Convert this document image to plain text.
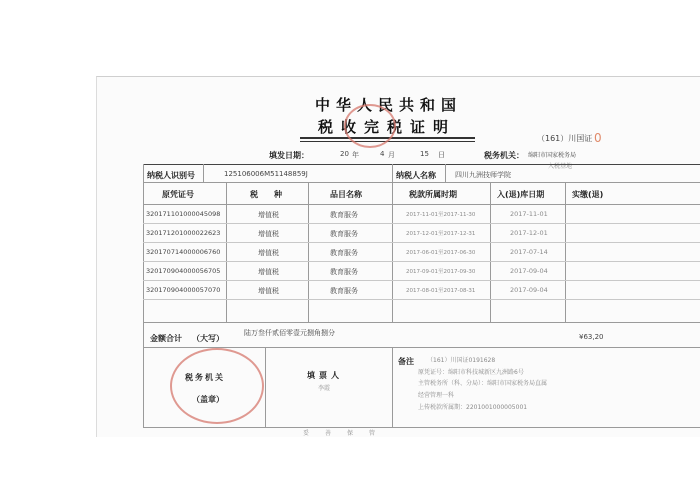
中华人民共和国
税收完税证明
（161）川国证 0
填发日期：	20 年	4 月	15 日	税务机关： 绵阳市国家税务局
入税基地
纳税人识别号	125106006M51148859J	纳税人名称	四川九洲技师学院
原凭证号	税　　种	品目名称	税款所属时期	入(退)库日期	实缴(退)
320171101000045098	增值税	教育服务	2017-11-01至2017-11-30	2017-11-01
320171201000022623	增值税	教育服务	2017-12-01至2017-12-31	2017-12-01
320170714000006760	增值税	教育服务	2017-06-01至2017-06-30	2017-07-14
320170904000056705	增值税	教育服务	2017-09-01至2017-09-30	2017-09-04
320170904000057070	增值税	教育服务	2017-08-01至2017-08-31	2017-09-04
金额合计 （大写）
陆万叁仟贰佰零壹元捌角捌分	¥63,20
税务机关
（盖章）
填票人
李霞
备注 （161）川国证0191628
原凭证号：绵阳市科技城新区九洲路6号
主管税务所（科、分局）：绵阳市国家税务局直属
经营管理一科
上传税款所属期：2201001000005001
妥善保管
